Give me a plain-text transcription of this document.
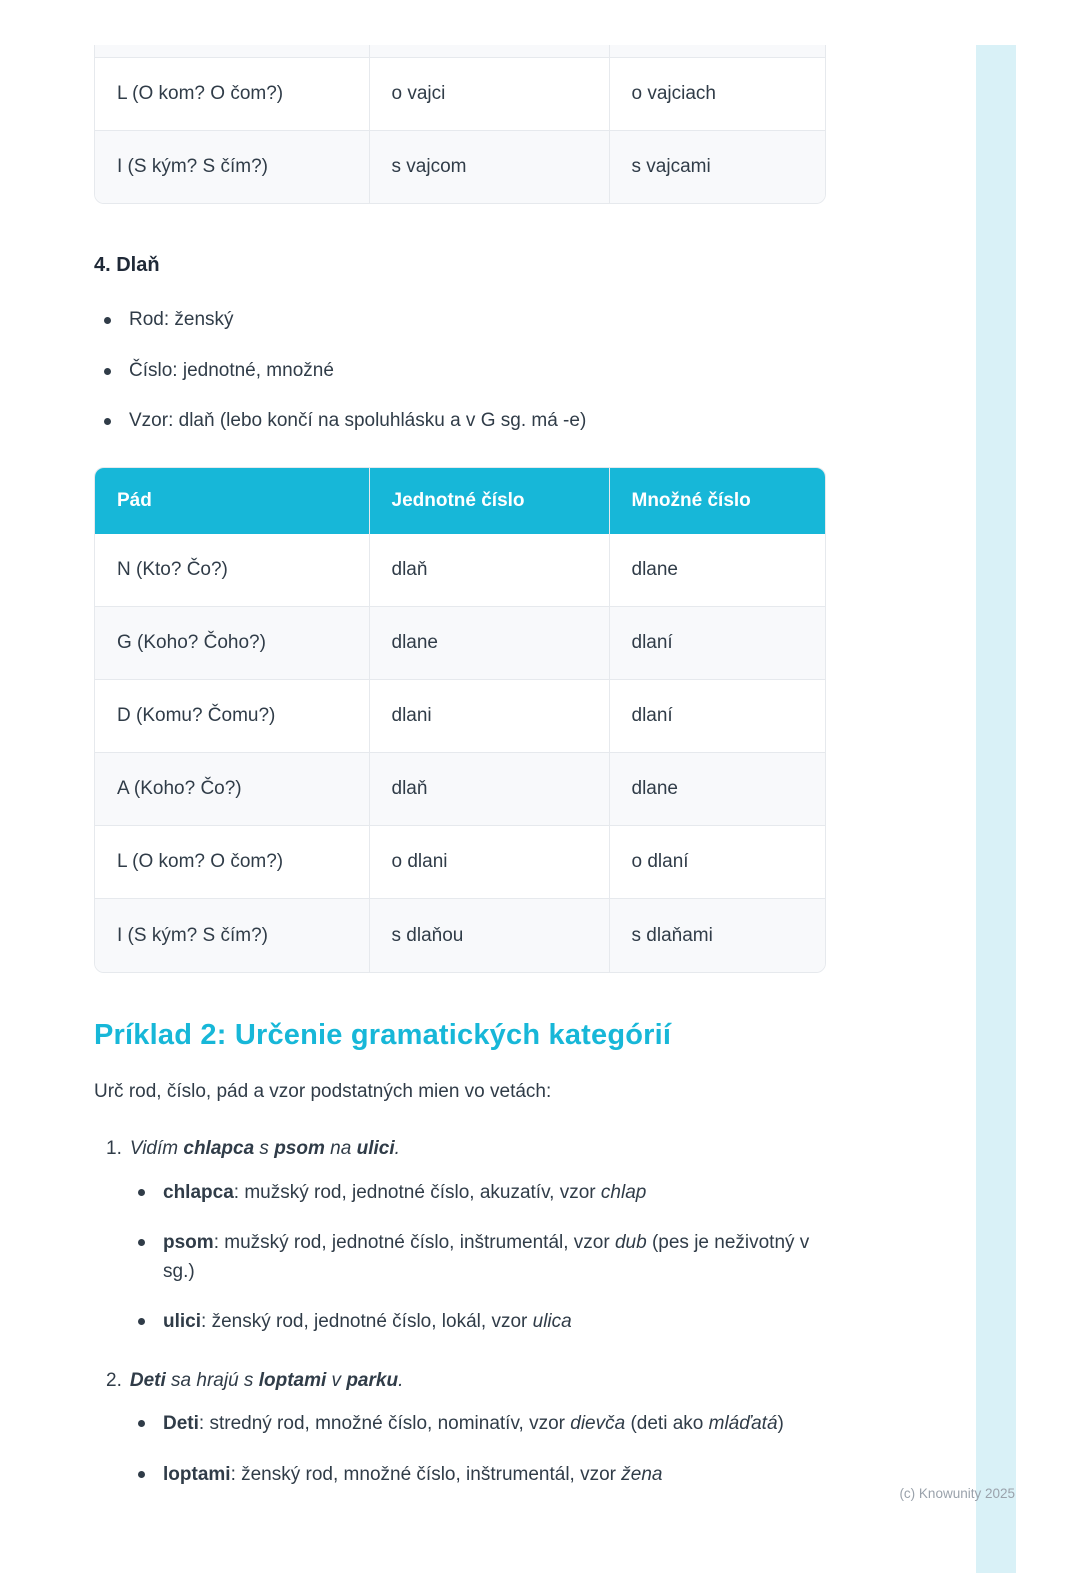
L (O kom? O čom?)	o vajci	o vajciach
I (S kým? S čím?)	s vajcom	s vajcami
4. Dlaň
Rod: ženský
Číslo: jednotné, množné
Vzor: dlaň (lebo končí na spoluhlásku a v G sg. má -e)
Pád	Jednotné číslo	Množné číslo
N (Kto? Čo?)	dlaň	dlane
G (Koho? Čoho?)	dlane	dlaní
D (Komu? Čomu?)	dlani	dlaní
A (Koho? Čo?)	dlaň	dlane
L (O kom? O čom?)	o dlani	o dlaní
I (S kým? S čím?)	s dlaňou	s dlaňami
Príklad 2: Určenie gramatických kategórií

Urč rod, číslo, pád a vzor podstatných mien vo vetách:

1. Vidím chlapca s psom na ulici.
chlapca: mužský rod, jednotné číslo, akuzatív, vzor chlap
psom: mužský rod, jednotné číslo, inštrumentál, vzor dub (pes je neživotný v sg.)
ulici: ženský rod, jednotné číslo, lokál, vzor ulica
2. Deti sa hrajú s loptami v parku.
Deti: stredný rod, množné číslo, nominatív, vzor dievča (deti ako mláďatá)
loptami: ženský rod, množné číslo, inštrumentál, vzor žena
(c) Knowunity 2025
